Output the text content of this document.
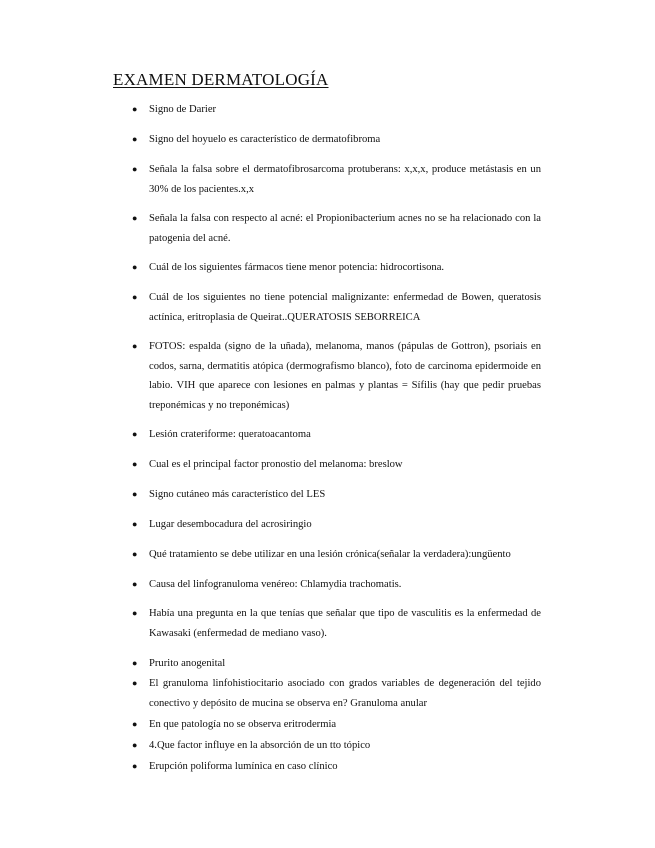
EXAMEN DERMATOLOGÍA
● Signo de Darier
● Signo del hoyuelo es característico de dermatofibroma
● Señala la falsa sobre el dermatofibrosarcoma protuberans: x,x,x, produce metástasis en un 30% de los pacientes.x,x
● Señala la falsa con respecto al acné: el Propionibacterium acnes no se ha relacionado con la patogenia del acné.
● Cuál de los siguientes fármacos tiene menor potencia: hidrocortisona.
● Cuál de los siguientes no tiene potencial malignizante: enfermedad de Bowen, queratosis actínica, eritroplasia de Queirat..QUERATOSIS SEBORREICA
● FOTOS: espalda (signo de la uñada), melanoma, manos (pápulas de Gottron), psoriais en codos, sarna, dermatitis atópica (dermografismo blanco), foto de carcinoma epidermoide en labio. VIH que aparece con lesiones en palmas y plantas = Sífilis (hay que pedir pruebas treponémicas y no treponémicas)
● Lesión crateriforme: queratoacantoma
● Cual es el principal factor pronostio del melanoma: breslow
● Signo cutáneo más característico del LES
● Lugar desembocadura del acrosiringio
● Qué tratamiento se debe utilizar en una lesión crónica(señalar la verdadera):ungüento
● Causa del linfogranuloma venéreo: Chlamydia trachomatis.
● Había una pregunta en la que tenías que señalar que tipo de vasculitis es la enfermedad de Kawasaki (enfermedad de mediano vaso).
● Prurito anogenital
● El granuloma linfohistiocitario asociado con grados variables de degeneración del tejido conectivo y depósito de mucina se observa en? Granuloma anular
● En que patología no se observa eritrodermia
● 4.Que factor influye en la absorción de un tto tópico
● Erupción poliforma lumínica en caso clínico
